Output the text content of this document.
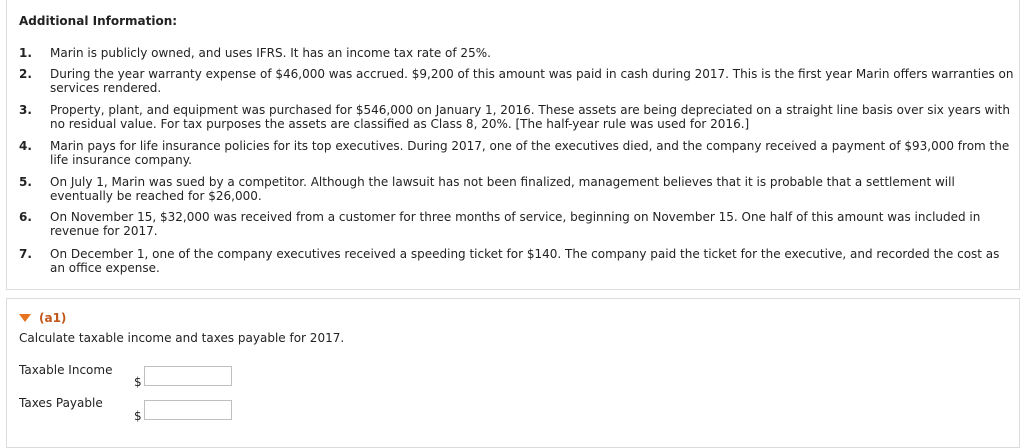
Additional Information:
1.	Marin is publicly owned, and uses IFRS. It has an income tax rate of 25%.
2.	During the year warranty expense of $46,000 was accrued. $9,200 of this amount was paid in cash during 2017. This is the first year Marin offers warranties on services rendered.
3.	Property, plant, and equipment was purchased for $546,000 on January 1, 2016. These assets are being depreciated on a straight line basis over six years with no residual value. For tax purposes the assets are classified as Class 8, 20%. [The half-year rule was used for 2016.]
4.	Marin pays for life insurance policies for its top executives. During 2017, one of the executives died, and the company received a payment of $93,000 from the life insurance company.
5.	On July 1, Marin was sued by a competitor. Although the lawsuit has not been finalized, management believes that it is probable that a settlement will eventually be reached for $26,000.
6.	On November 15, $32,000 was received from a customer for three months of service, beginning on November 15. One half of this amount was included in revenue for 2017.
7.	On December 1, one of the company executives received a speeding ticket for $140. The company paid the ticket for the executive, and recorded the cost as an office expense.
(a1)
Calculate taxable income and taxes payable for 2017.
Taxable Income
$
Taxes Payable
$
